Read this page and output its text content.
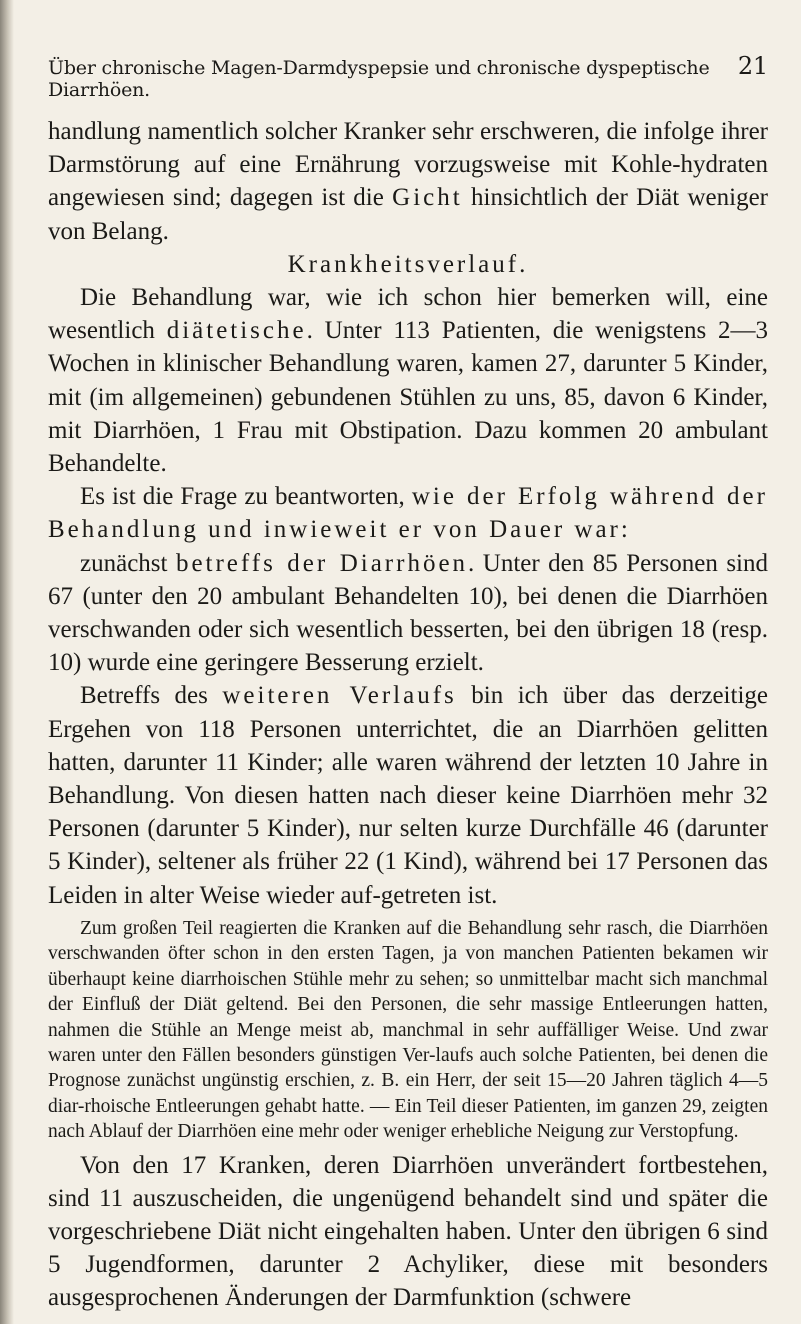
Über chronische Magen-Darmdyspepsie und chronische dyspeptische Diarrhöen.
21

handlung namentlich solcher Kranker sehr erschweren, die infolge ihrer Darmstörung auf eine Ernährung vorzugsweise mit Kohle-hydraten angewiesen sind; dagegen ist die Gicht hinsichtlich der Diät weniger von Belang.

Krankheitsverlauf.

Die Behandlung war, wie ich schon hier bemerken will, eine wesentlich diätetische. Unter 113 Patienten, die wenigstens 2—3 Wochen in klinischer Behandlung waren, kamen 27, darunter 5 Kinder, mit (im allgemeinen) gebundenen Stühlen zu uns, 85, davon 6 Kinder, mit Diarrhöen, 1 Frau mit Obstipation. Dazu kommen 20 ambulant Behandelte.

Es ist die Frage zu beantworten, wie der Erfolg während der Behandlung und inwieweit er von Dauer war:

zunächst betreffs der Diarrhöen. Unter den 85 Personen sind 67 (unter den 20 ambulant Behandelten 10), bei denen die Diarrhöen verschwanden oder sich wesentlich besserten, bei den übrigen 18 (resp. 10) wurde eine geringere Besserung erzielt.

Betreffs des weiteren Verlaufs bin ich über das derzeitige Ergehen von 118 Personen unterrichtet, die an Diarrhöen gelitten hatten, darunter 11 Kinder; alle waren während der letzten 10 Jahre in Behandlung. Von diesen hatten nach dieser keine Diarrhöen mehr 32 Personen (darunter 5 Kinder), nur selten kurze Durchfälle 46 (darunter 5 Kinder), seltener als früher 22 (1 Kind), während bei 17 Personen das Leiden in alter Weise wieder auf-getreten ist.

Zum großen Teil reagierten die Kranken auf die Behandlung sehr rasch, die Diarrhöen verschwanden öfter schon in den ersten Tagen, ja von manchen Patienten bekamen wir überhaupt keine diarrhoischen Stühle mehr zu sehen; so unmittelbar macht sich manchmal der Einfluß der Diät geltend. Bei den Personen, die sehr massige Entleerungen hatten, nahmen die Stühle an Menge meist ab, manchmal in sehr auffälliger Weise. Und zwar waren unter den Fällen besonders günstigen Ver-laufs auch solche Patienten, bei denen die Prognose zunächst ungünstig erschien, z. B. ein Herr, der seit 15—20 Jahren täglich 4—5 diar-rhoische Entleerungen gehabt hatte. — Ein Teil dieser Patienten, im ganzen 29, zeigten nach Ablauf der Diarrhöen eine mehr oder weniger erhebliche Neigung zur Verstopfung.

Von den 17 Kranken, deren Diarrhöen unverändert fortbestehen, sind 11 auszuscheiden, die ungenügend behandelt sind und später die vorgeschriebene Diät nicht eingehalten haben. Unter den übrigen 6 sind 5 Jugendformen, darunter 2 Achyliker, diese mit besonders ausgesprochenen Änderungen der Darmfunktion (schwere
